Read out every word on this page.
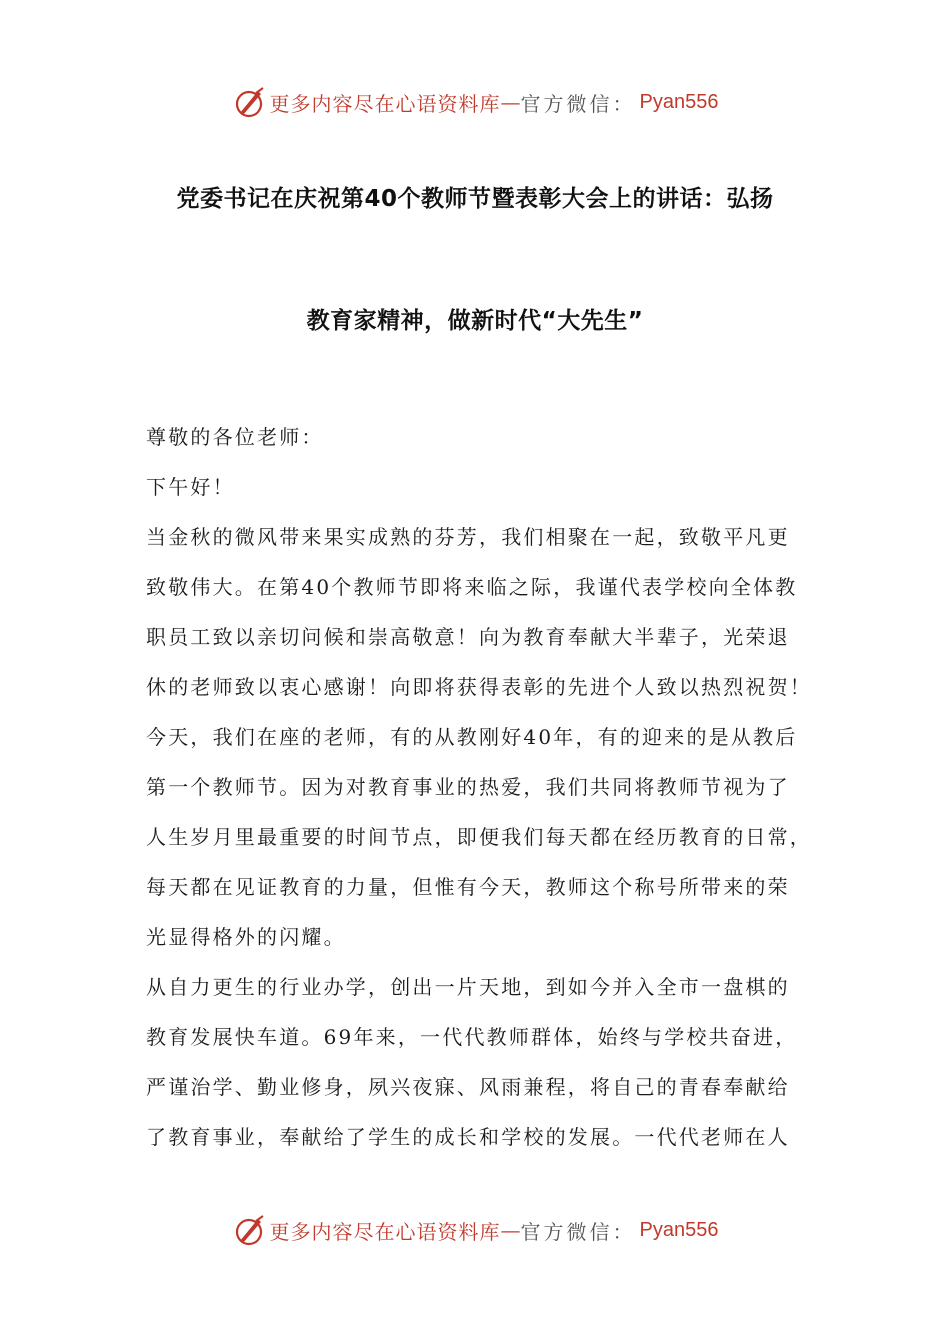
更多内容尽在心语资料库 — 官方微信： Pyan556
党委书记在庆祝第40个教师节暨表彰大会上的讲话：弘扬
教育家精神，做新时代“大先生”
尊敬的各位老师：
下午好！
当金秋的微风带来果实成熟的芬芳，我们相聚在一起，致敬平凡更
致敬伟大。在第40个教师节即将来临之际，我谨代表学校向全体教
职员工致以亲切问候和崇高敬意！向为教育奉献大半辈子，光荣退
休的老师致以衷心感谢！向即将获得表彰的先进个人致以热烈祝贺！
今天，我们在座的老师，有的从教刚好40年，有的迎来的是从教后
第一个教师节。因为对教育事业的热爱，我们共同将教师节视为了
人生岁月里最重要的时间节点，即便我们每天都在经历教育的日常，
每天都在见证教育的力量，但惟有今天，教师这个称号所带来的荣
光显得格外的闪耀。
从自力更生的行业办学，创出一片天地，到如今并入全市一盘棋的
教育发展快车道。69年来，一代代教师群体，始终与学校共奋进，
严谨治学、勤业修身，夙兴夜寐、风雨兼程，将自己的青春奉献给
了教育事业，奉献给了学生的成长和学校的发展。一代代老师在人
更多内容尽在心语资料库 — 官方微信： Pyan556
